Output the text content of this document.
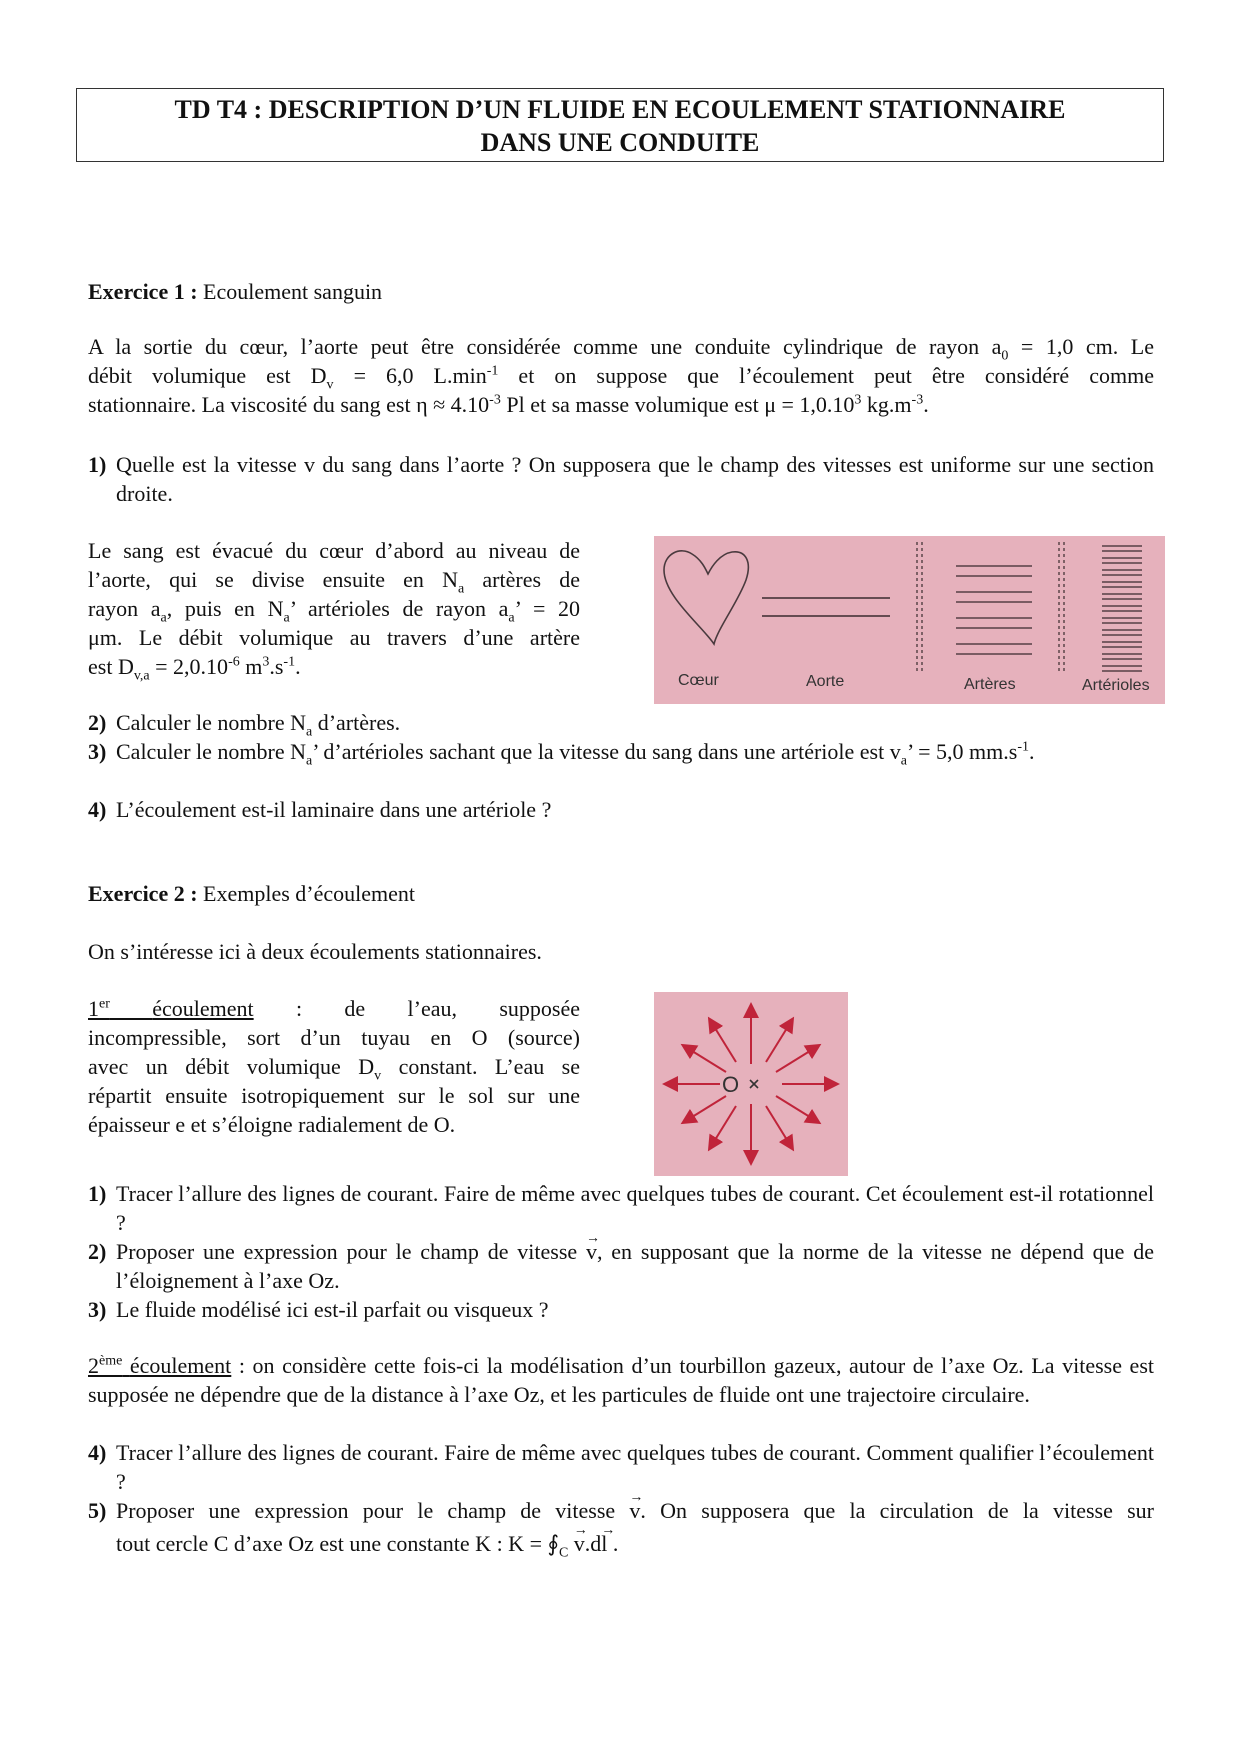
TD T4 : DESCRIPTION D’UN FLUIDE EN ECOULEMENT STATIONNAIRE
DANS UNE CONDUITE
Exercice 1 : Ecoulement sanguin
A la sortie du cœur, l’aorte peut être considérée comme une conduite cylindrique de rayon $a_0 = 1,0$ cm. Le
débit volumique est $D_v = 6,0$ $L.\min^{-1}$ et on suppose que l’écoulement peut être considéré comme
stationnaire. La viscosité du sang est $\eta \approx 4.10^{-3}$ Pl et sa masse volumique est $\mu = 1,0.10^3$ $kg.m^{-3}$.
1) Quelle est la vitesse v du sang dans l’aorte ? On supposera que le champ des vitesses est uniforme sur une section droite.
Le sang est évacué du cœur d’abord au niveau de
l’aorte, qui se divise ensuite en $N_a$ artères de
rayon $a_a$, puis en $N_a$’ artérioles de rayon $a_a$’ = 20
μm. Le débit volumique au travers d’une artère
est $D_{v,a} = 2,0.10^{-6}$ $m^3.s^{-1}$.
Cœur	Aorte	Artères	Artérioles
2) Calculer le nombre $N_a$ d’artères.
3) Calculer le nombre $N_a$’ d’artérioles sachant que la vitesse du sang dans une artériole est $v_a$’ = 5,0 $mm.s^{-1}$.
4) L’écoulement est-il laminaire dans une artériole ?
Exercice 2 : Exemples d’écoulement
On s’intéresse ici à deux écoulements stationnaires.
1er écoulement : de l’eau, supposée
incompressible, sort d’un tuyau en O (source)
avec un débit volumique $D_v$ constant. L’eau se
répartit ensuite isotropiquement sur le sol sur une
épaisseur e et s’éloigne radialement de O.
O
1) Tracer l’allure des lignes de courant. Faire de même avec quelques tubes de courant. Cet écoulement est-il rotationnel ?
2) Proposer une expression pour le champ de vitesse → v, en supposant que la norme de la vitesse ne dépend que de l’éloignement à l’axe Oz.
3) Le fluide modélisé ici est-il parfait ou visqueux ?
2ème écoulement : on considère cette fois-ci la modélisation d’un tourbillon gazeux, autour de l’axe Oz. La vitesse est supposée ne dépendre que de la distance à l’axe Oz, et les particules de fluide ont une trajectoire circulaire.
4) Tracer l’allure des lignes de courant. Faire de même avec quelques tubes de courant. Comment qualifier l’écoulement ?
5) Proposer une expression pour le champ de vitesse → v. On supposera que la circulation de la vitesse sur
tout cercle C d’axe Oz est une constante K : $K = ∮_C \to v.d\to l$ .
